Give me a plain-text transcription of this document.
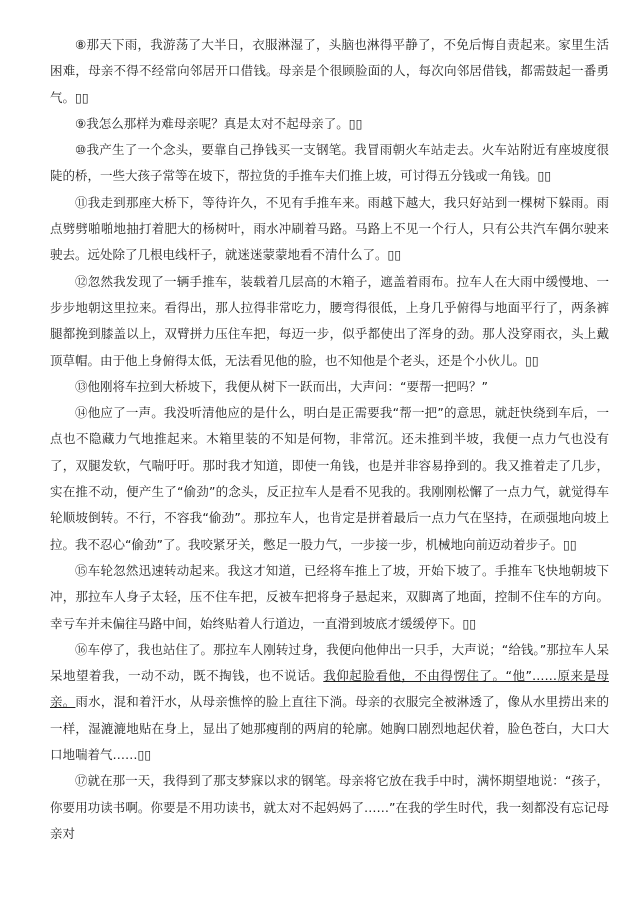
⑧那天下雨，我游荡了大半日，衣服淋湿了，头脑也淋得平静了，不免后悔自责起来。家里生活困难，母亲不得不经常向邻居开口借钱。母亲是个很顾脸面的人，每次向邻居借钱，都需鼓起一番勇气。▯▯

⑨我怎么那样为难母亲呢？真是太对不起母亲了。▯▯

⑩我产生了一个念头，要靠自己挣钱买一支钢笔。我冒雨朝火车站走去。火车站附近有座坡度很陡的桥，一些大孩子常等在坡下，帮拉货的手推车夫们推上坡，可讨得五分钱或一角钱。▯▯

⑪我走到那座大桥下，等待许久，不见有手推车来。雨越下越大，我只好站到一棵树下躲雨。雨点劈劈啪啪地抽打着肥大的杨树叶，雨水冲刷着马路。马路上不见一个行人，只有公共汽车偶尔驶来驶去。远处除了几根电线杆子，就迷迷蒙蒙地看不清什么了。▯▯

⑫忽然我发现了一辆手推车，装载着几层高的木箱子，遮盖着雨布。拉车人在大雨中缓慢地、一步步地朝这里拉来。看得出，那人拉得非常吃力，腰弯得很低，上身几乎俯得与地面平行了，两条裤腿都挽到膝盖以上，双臂拼力压住车把，每迈一步，似乎都使出了浑身的劲。那人没穿雨衣，头上戴顶草帽。由于他上身俯得太低，无法看见他的脸，也不知他是个老头，还是个小伙儿。▯▯

⑬他刚将车拉到大桥坡下，我便从树下一跃而出，大声问：“要帮一把吗？”

⑭他应了一声。我没听清他应的是什么，明白是正需要我“帮一把”的意思，就赶快绕到车后，一点也不隐藏力气地推起来。木箱里装的不知是何物，非常沉。还未推到半坡，我便一点力气也没有了，双腿发软，气喘吁吁。那时我才知道，即使一角钱，也是并非容易挣到的。我又推着走了几步，实在推不动，便产生了“偷劲”的念头，反正拉车人是看不见我的。我刚刚松懈了一点力气，就觉得车轮顺坡倒转。不行，不容我“偷劲”。那拉车人，也肯定是拼着最后一点力气在坚持，在顽强地向坡上拉。我不忍心“偷劲”了。我咬紧牙关，憋足一股力气，一步接一步，机械地向前迈动着步子。▯▯

⑮车轮忽然迅速转动起来。我这才知道，已经将车推上了坡，开始下坡了。手推车飞快地朝坡下冲，那拉车人身子太轻，压不住车把，反被车把将身子悬起来，双脚离了地面，控制不住车的方向。幸亏车并未偏往马路中间，始终贴着人行道边，一直滑到坡底才缓缓停下。▯▯

⑯车停了，我也站住了。那拉车人刚转过身，我便向他伸出一只手，大声说；“给钱。”那拉车人呆呆地望着我，一动不动，既不掏钱，也不说话。我仰起脸看他，不由得愣住了。“他”……原来是母亲。雨水，混和着汗水，从母亲憔悴的脸上直往下淌。母亲的衣服完全被淋透了，像从水里捞出来的一样，湿漉漉地贴在身上，显出了她那瘦削的两肩的轮廓。她胸口剧烈地起伏着，脸色苍白，大口大口地喘着气……▯▯

⑰就在那一天，我得到了那支梦寐以求的钢笔。母亲将它放在我手中时，满怀期望地说：“孩子，你要用功读书啊。你要是不用功读书，就太对不起妈妈了……”在我的学生时代，我一刻都没有忘记母亲对
